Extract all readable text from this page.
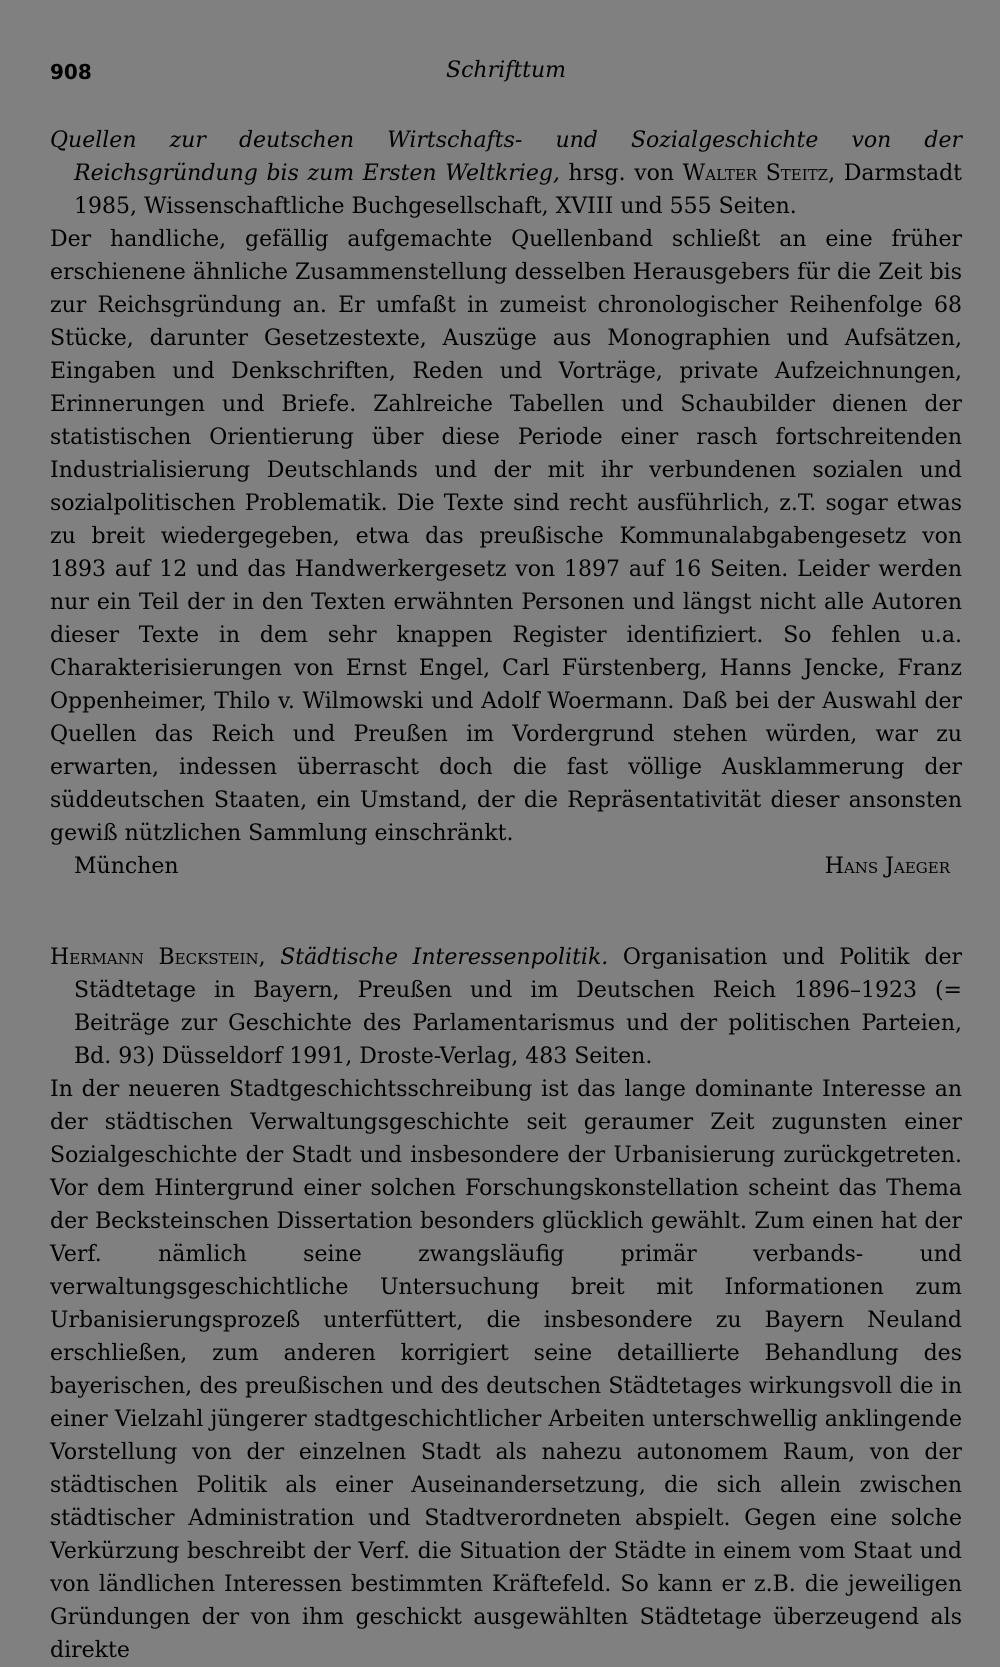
908	Schrifttum

Quellen zur deutschen Wirtschafts- und Sozialgeschichte von der Reichsgründung bis zum Ersten Weltkrieg, hrsg. von Walter Steitz, Darmstadt 1985, Wissenschaftliche Buchgesellschaft, XVIII und 555 Seiten.

Der handliche, gefällig aufgemachte Quellenband schließt an eine früher erschienene ähnliche Zusammenstellung desselben Herausgebers für die Zeit bis zur Reichsgründung an. Er umfaßt in zumeist chronologischer Reihenfolge 68 Stücke, darunter Gesetzestexte, Auszüge aus Monographien und Aufsätzen, Eingaben und Denkschriften, Reden und Vorträge, private Aufzeichnungen, Erinnerungen und Briefe. Zahlreiche Tabellen und Schaubilder dienen der statistischen Orientierung über diese Periode einer rasch fortschreitenden Industrialisierung Deutschlands und der mit ihr verbundenen sozialen und sozialpolitischen Problematik. Die Texte sind recht ausführlich, z.T. sogar etwas zu breit wiedergegeben, etwa das preußische Kommunalabgabengesetz von 1893 auf 12 und das Handwerkergesetz von 1897 auf 16 Seiten. Leider werden nur ein Teil der in den Texten erwähnten Personen und längst nicht alle Autoren dieser Texte in dem sehr knappen Register identifiziert. So fehlen u.a. Charakterisierungen von Ernst Engel, Carl Fürstenberg, Hanns Jencke, Franz Oppenheimer, Thilo v. Wilmowski und Adolf Woermann. Daß bei der Auswahl der Quellen das Reich und Preußen im Vordergrund stehen würden, war zu erwarten, indessen überrascht doch die fast völlige Ausklammerung der süddeutschen Staaten, ein Umstand, der die Repräsentativität dieser ansonsten gewiß nützlichen Sammlung einschränkt.

München	Hans Jaeger

Hermann Beckstein, Städtische Interessenpolitik. Organisation und Politik der Städtetage in Bayern, Preußen und im Deutschen Reich 1896–1923 (= Beiträge zur Geschichte des Parlamentarismus und der politischen Parteien, Bd. 93) Düsseldorf 1991, Droste-Verlag, 483 Seiten.

In der neueren Stadtgeschichtsschreibung ist das lange dominante Interesse an der städtischen Verwaltungsgeschichte seit geraumer Zeit zugunsten einer Sozialgeschichte der Stadt und insbesondere der Urbanisierung zurückgetreten. Vor dem Hintergrund einer solchen Forschungskonstellation scheint das Thema der Becksteinschen Dissertation besonders glücklich gewählt. Zum einen hat der Verf. nämlich seine zwangsläufig primär verbands- und verwaltungsgeschichtliche Untersuchung breit mit Informationen zum Urbanisierungsprozeß unterfüttert, die insbesondere zu Bayern Neuland erschließen, zum anderen korrigiert seine detaillierte Behandlung des bayerischen, des preußischen und des deutschen Städtetages wirkungsvoll die in einer Vielzahl jüngerer stadtgeschichtlicher Arbeiten unterschwellig anklingende Vorstellung von der einzelnen Stadt als nahezu autonomem Raum, von der städtischen Politik als einer Auseinandersetzung, die sich allein zwischen städtischer Administration und Stadtverordneten abspielt. Gegen eine solche Verkürzung beschreibt der Verf. die Situation der Städte in einem vom Staat und von ländlichen Interessen bestimmten Kräftefeld. So kann er z.B. die jeweiligen Gründungen der von ihm geschickt ausgewählten Städtetage überzeugend als direkte
